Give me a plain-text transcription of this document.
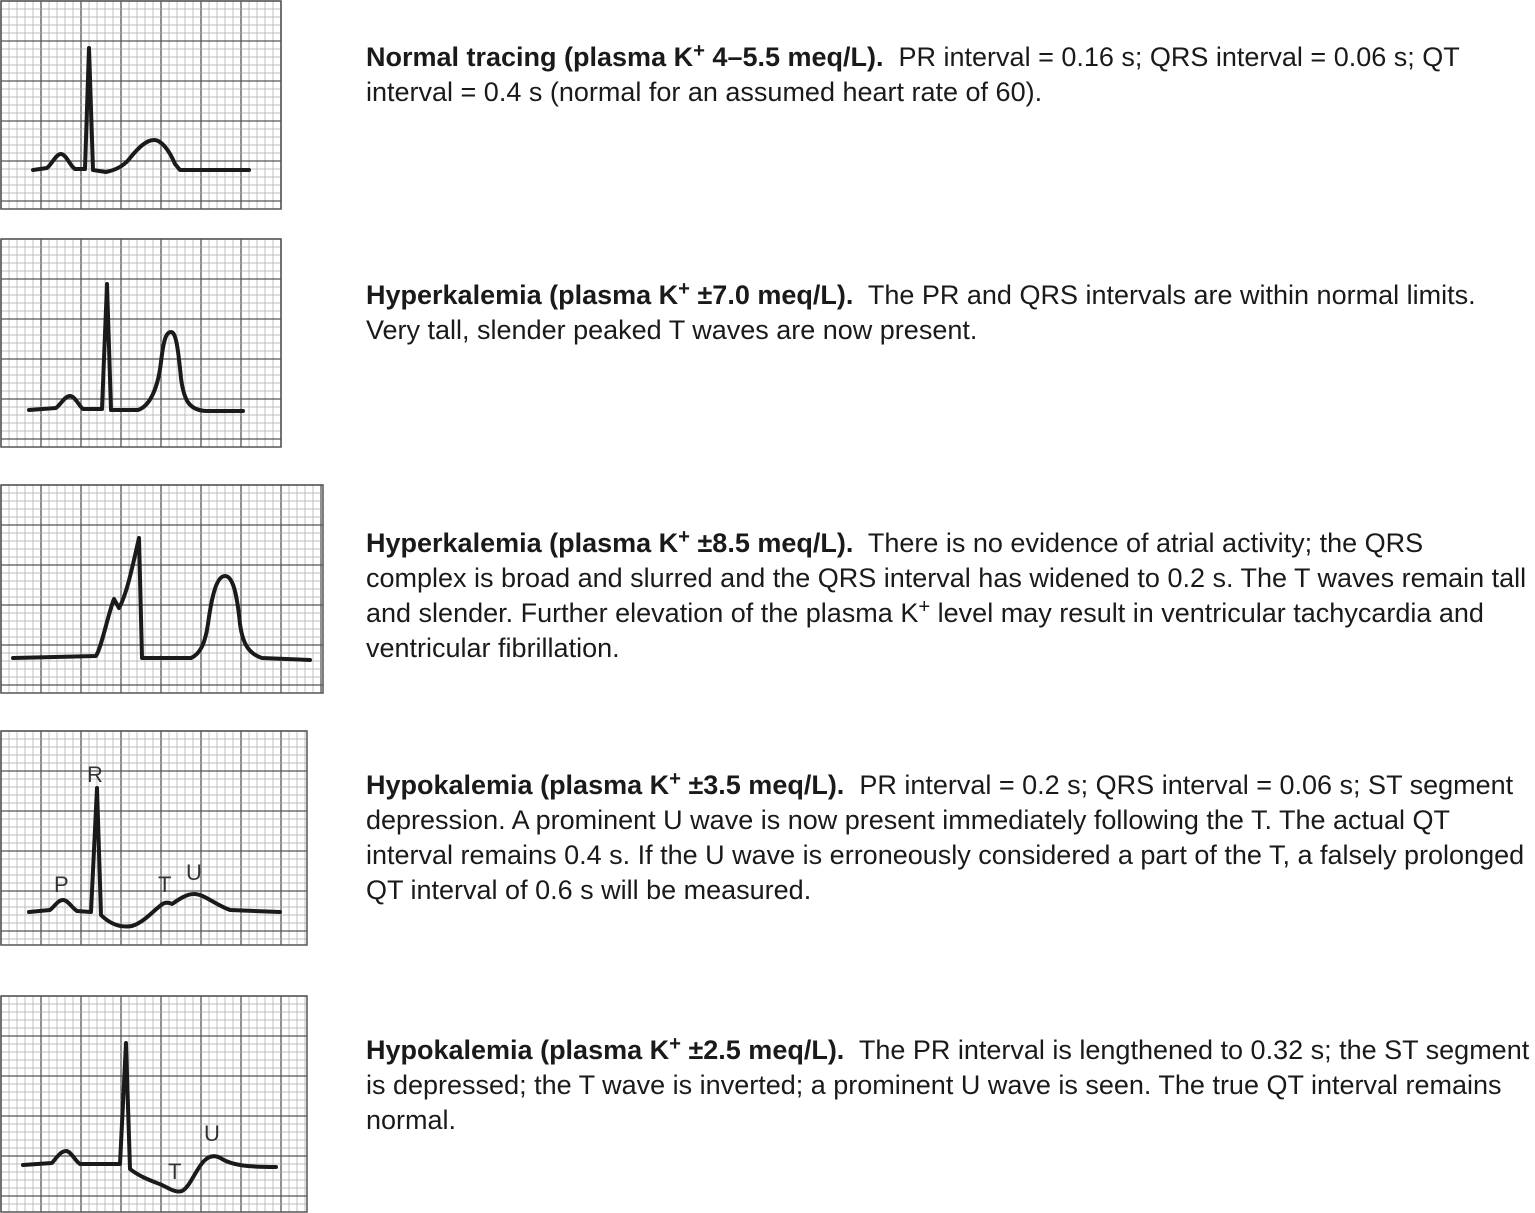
Normal tracing (plasma K+ 4–5.5 meq/L). PR interval = 0.16 s; QRS interval = 0.06 s; QT interval = 0.4 s (normal for an assumed heart rate of 60).
Hyperkalemia (plasma K+ ±7.0 meq/L). The PR and QRS intervals are within normal limits. Very tall, slender peaked T waves are now present.
Hyperkalemia (plasma K+ ±8.5 meq/L). There is no evidence of atrial activity; the QRS complex is broad and slurred and the QRS interval has widened to 0.2 s. The T waves remain tall and slender. Further elevation of the plasma K+ level may result in ventricular tachycardia and ventricular fibrillation.
R
P	T U
Hypokalemia (plasma K+ ±3.5 meq/L). PR interval = 0.2 s; QRS interval = 0.06 s; ST segment depression. A prominent U wave is now present immediately following the T. The actual QT interval remains 0.4 s. If the U wave is erroneously considered a part of the T, a falsely prolonged QT interval of 0.6 s will be measured.
U
T
Hypokalemia (plasma K+ ±2.5 meq/L). The PR interval is lengthened to 0.32 s; the ST segment is depressed; the T wave is inverted; a prominent U wave is seen. The true QT interval remains normal.
